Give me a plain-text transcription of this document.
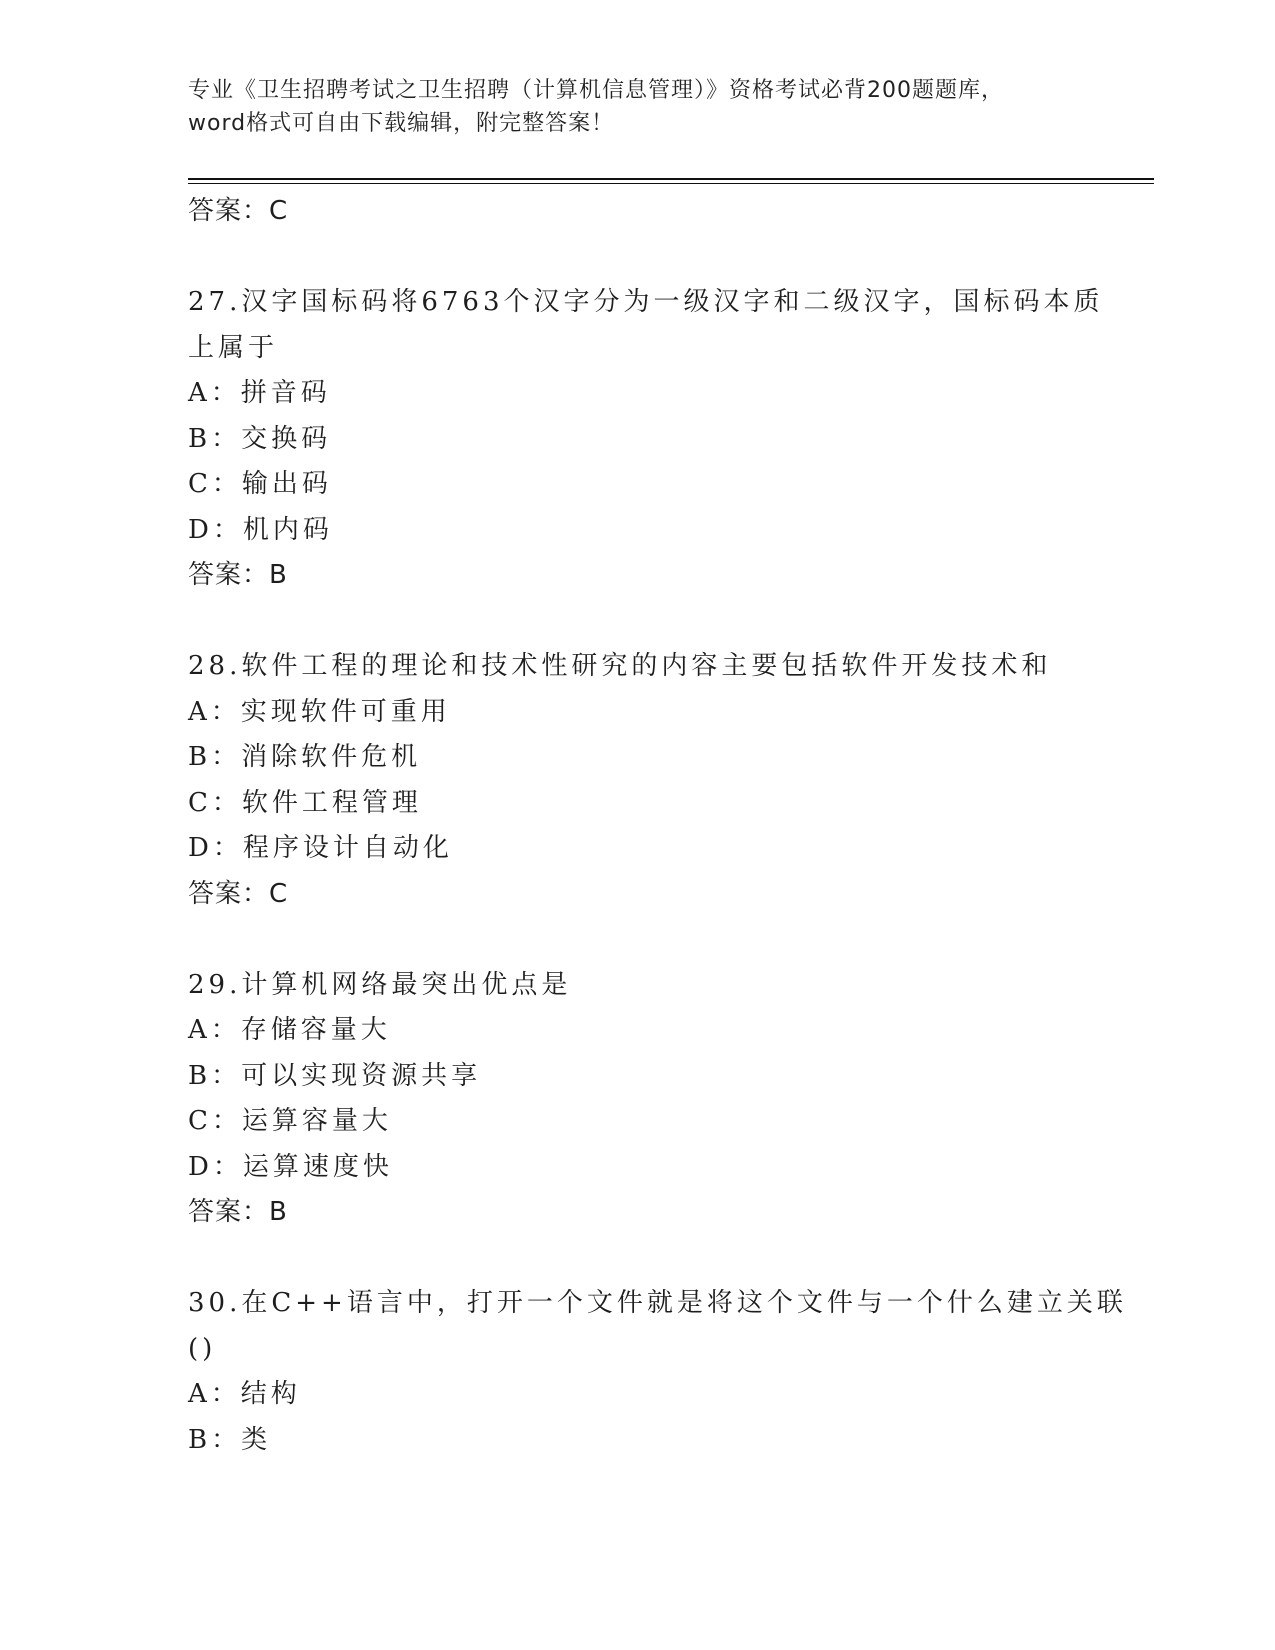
专业《卫生招聘考试之卫生招聘（计算机信息管理）》资格考试必背200题题库，
word格式可自由下载编辑，附完整答案！
答案：C
27.汉字国标码将6763个汉字分为一级汉字和二级汉字，国标码本质
上属于
A：拼音码
B：交换码
C：输出码
D：机内码
答案：B
28.软件工程的理论和技术性研究的内容主要包括软件开发技术和
A：实现软件可重用
B：消除软件危机
C：软件工程管理
D：程序设计自动化
答案：C
29.计算机网络最突出优点是
A：存储容量大
B：可以实现资源共享
C：运算容量大
D：运算速度快
答案：B
30.在C++语言中，打开一个文件就是将这个文件与一个什么建立关联
()
A：结构
B：类
